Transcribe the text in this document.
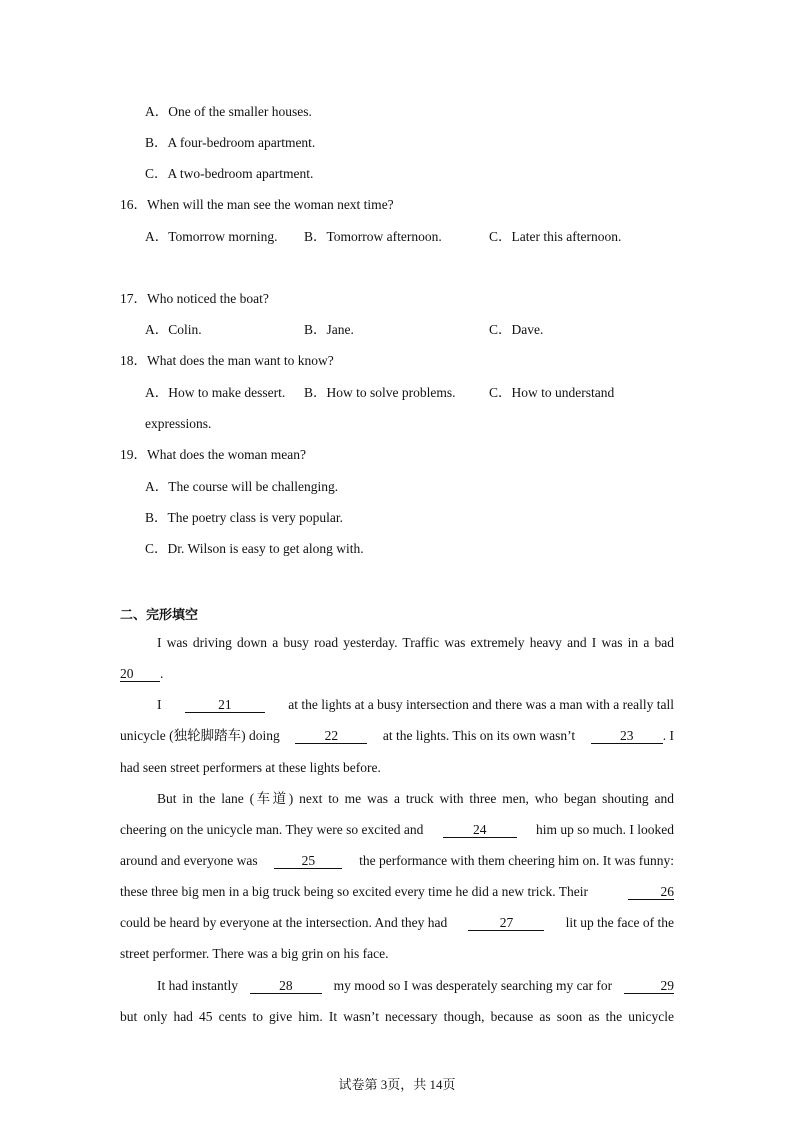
A．One of the smaller houses.
B．A four-bedroom apartment.
C．A two-bedroom apartment.
16．When will the man see the woman next time?
A．Tomorrow morning. B．Tomorrow afternoon.	C．Later this afternoon.
17．Who noticed the boat?
A．Colin.	B．Jane.	C．Dave.
18．What does the man want to know?
A．How to make dessert. B．How to solve problems. C．How to understand
expressions.
19．What does the woman mean?
A．The course will be challenging.
B．The poetry class is very popular.
C．Dr. Wilson is easy to get along with.
二、完形填空
I was driving down a busy road yesterday. Traffic was extremely heavy and I was in a bad
20 .
I	21	at the lights at a busy intersection and there was a man with a really tall
unicycle (独轮脚踏车) doing	22	at the lights. This on its own wasn’t	23 . I
had seen street performers at these lights before.
But in the lane (车道) next to me was a truck with three men, who began shouting and
cheering on the unicycle man. They were so excited and	24	him up so much. I looked
around and everyone was	25	the performance with them cheering him on. It was funny:
these three big men in a big truck being so excited every time he did a new trick. Their	26
could be heard by everyone at the intersection. And they had	27	lit up the face of the
street performer. There was a big grin on his face.
It had instantly	28	my mood so I was desperately searching my car for	29
but only had 45 cents to give him. It wasn’t necessary though, because as soon as the unicycle
试卷第 3页，共 14页
